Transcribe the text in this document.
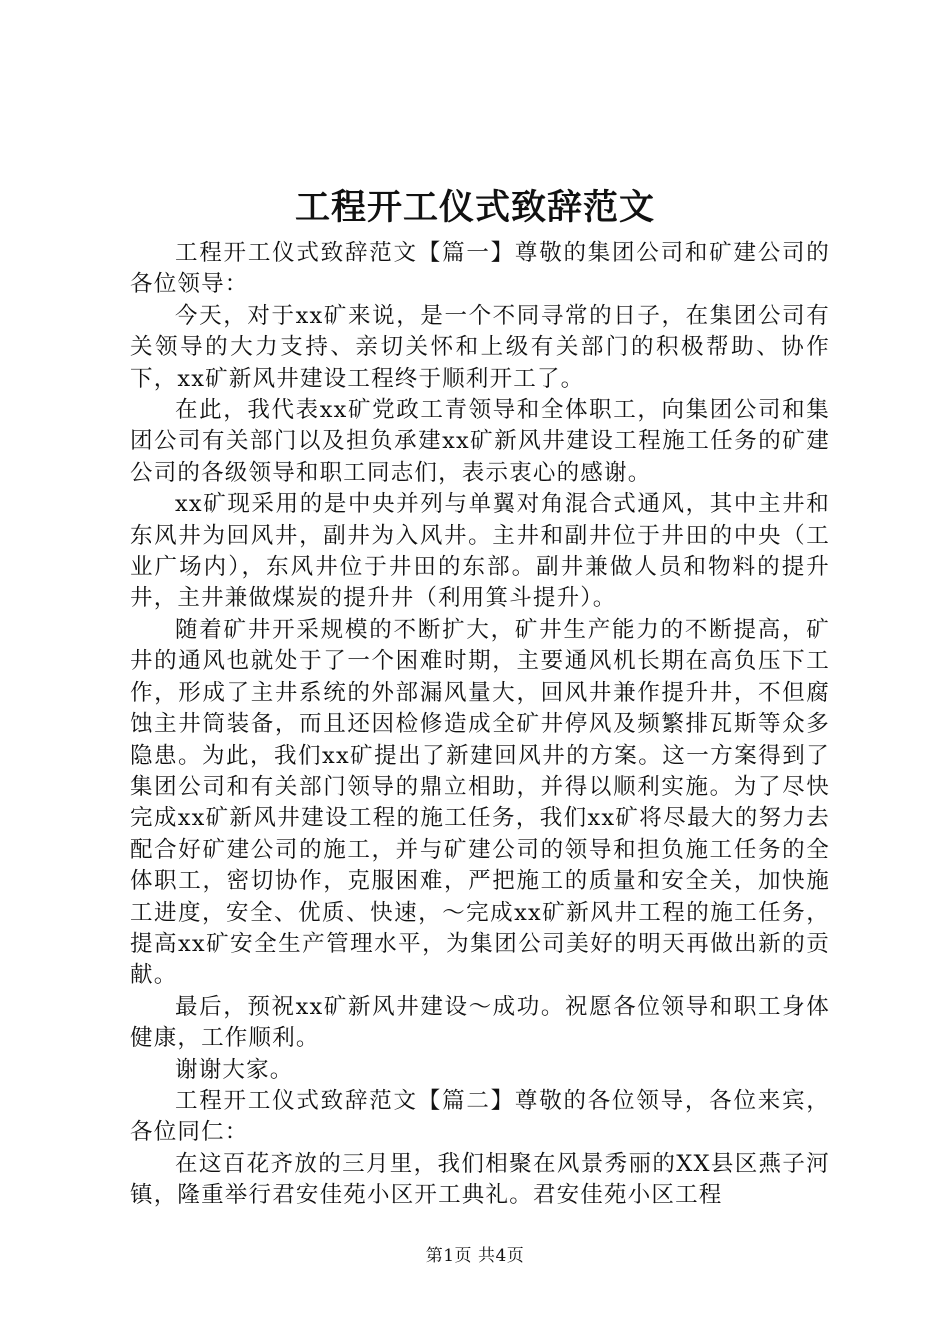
工程开工仪式致辞范文

工程开工仪式致辞范文【篇一】尊敬的集团公司和矿建公司的各位领导：

今天，对于xx矿来说，是一个不同寻常的日子，在集团公司有关领导的大力支持、亲切关怀和上级有关部门的积极帮助、协作下，xx矿新风井建设工程终于顺利开工了。

在此，我代表xx矿党政工青领导和全体职工，向集团公司和集团公司有关部门以及担负承建xx矿新风井建设工程施工任务的矿建公司的各级领导和职工同志们，表示衷心的感谢。

xx矿现采用的是中央并列与单翼对角混合式通风，其中主井和东风井为回风井，副井为入风井。主井和副井位于井田的中央（工业广场内），东风井位于井田的东部。副井兼做人员和物料的提升井，主井兼做煤炭的提升井（利用箕斗提升）。

随着矿井开采规模的不断扩大，矿井生产能力的不断提高，矿井的通风也就处于了一个困难时期，主要通风机长期在高负压下工作，形成了主井系统的外部漏风量大，回风井兼作提升井，不但腐蚀主井筒装备，而且还因检修造成全矿井停风及频繁排瓦斯等众多隐患。为此，我们xx矿提出了新建回风井的方案。这一方案得到了集团公司和有关部门领导的鼎立相助，并得以顺利实施。为了尽快完成xx矿新风井建设工程的施工任务，我们xx矿将尽最大的努力去配合好矿建公司的施工，并与矿建公司的领导和担负施工任务的全体职工，密切协作，克服困难，严把施工的质量和安全关，加快施工进度，安全、优质、快速，～完成xx矿新风井工程的施工任务，提高xx矿安全生产管理水平，为集团公司美好的明天再做出新的贡献。

最后，预祝xx矿新风井建设～成功。祝愿各位领导和职工身体健康，工作顺利。

谢谢大家。

工程开工仪式致辞范文【篇二】尊敬的各位领导，各位来宾，各位同仁：

在这百花齐放的三月里，我们相聚在风景秀丽的XX县区燕子河镇，隆重举行君安佳苑小区开工典礼。君安佳苑小区工程

第1页 共4页
